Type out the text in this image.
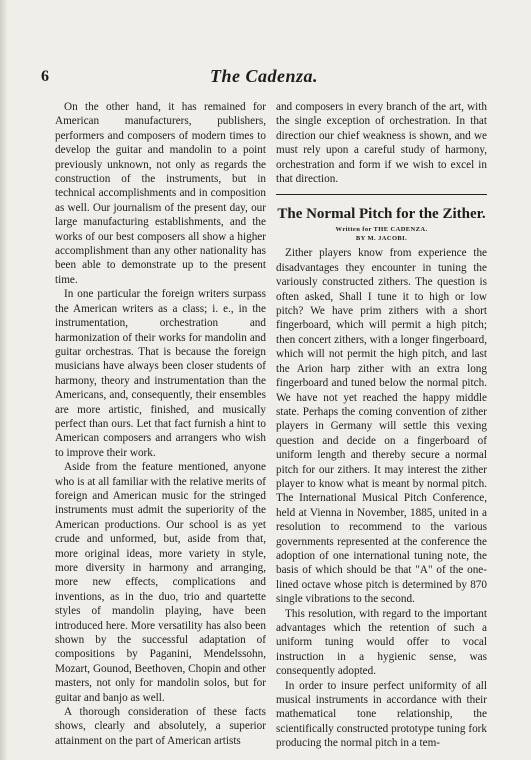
6	The Cadenza.

On the other hand, it has remained for American manufacturers, publishers, performers and composers of modern times to develop the guitar and mandolin to a point previously unknown, not only as regards the construction of the instruments, but in technical accomplishments and in composition as well. Our journalism of the present day, our large manufacturing establishments, and the works of our best composers all show a higher accomplishment than any other nationality has been able to demonstrate up to the present time.

In one particular the foreign writers surpass the American writers as a class; i. e., in the instrumentation, orchestration and harmonization of their works for mandolin and guitar orchestras. That is because the foreign musicians have always been closer students of harmony, theory and instrumentation than the Americans, and, consequently, their ensembles are more artistic, finished, and musically perfect than ours. Let that fact furnish a hint to American composers and arrangers who wish to improve their work.

Aside from the feature mentioned, anyone who is at all familiar with the relative merits of foreign and American music for the stringed instruments must admit the superiority of the American productions. Our school is as yet crude and unformed, but, aside from that, more original ideas, more variety in style, more diversity in harmony and arranging, more new effects, complications and inventions, as in the duo, trio and quartette styles of mandolin playing, have been introduced here. More versatility has also been shown by the successful adaptation of compositions by Paganini, Mendelssohn, Mozart, Gounod, Beethoven, Chopin and other masters, not only for mandolin solos, but for guitar and banjo as well.

A thorough consideration of these facts shows, clearly and absolutely, a superior attainment on the part of American artists

and composers in every branch of the art, with the single exception of orchestration. In that direction our chief weakness is shown, and we must rely upon a careful study of harmony, orchestration and form if we wish to excel in that direction.

The Normal Pitch for the Zither.
Written for THE CADENZA.
BY M. JACOBI.

Zither players know from experience the disadvantages they encounter in tuning the variously constructed zithers. The question is often asked, Shall I tune it to high or low pitch? We have prim zithers with a short fingerboard, which will permit a high pitch; then concert zithers, with a longer fingerboard, which will not permit the high pitch, and last the Arion harp zither with an extra long fingerboard and tuned below the normal pitch. We have not yet reached the happy middle state. Perhaps the coming convention of zither players in Germany will settle this vexing question and decide on a fingerboard of uniform length and thereby secure a normal pitch for our zithers. It may interest the zither player to know what is meant by normal pitch. The International Musical Pitch Conference, held at Vienna in November, 1885, united in a resolution to recommend to the various governments represented at the conference the adoption of one international tuning note, the basis of which should be that "A" of the one-lined octave whose pitch is determined by 870 single vibrations to the second.

This resolution, with regard to the important advantages which the retention of such a uniform tuning would offer to vocal instruction in a hygienic sense, was consequently adopted.

In order to insure perfect uniformity of all musical instruments in accordance with their mathematical tone relationship, the scientifically constructed prototype tuning fork producing the normal pitch in a tem-
